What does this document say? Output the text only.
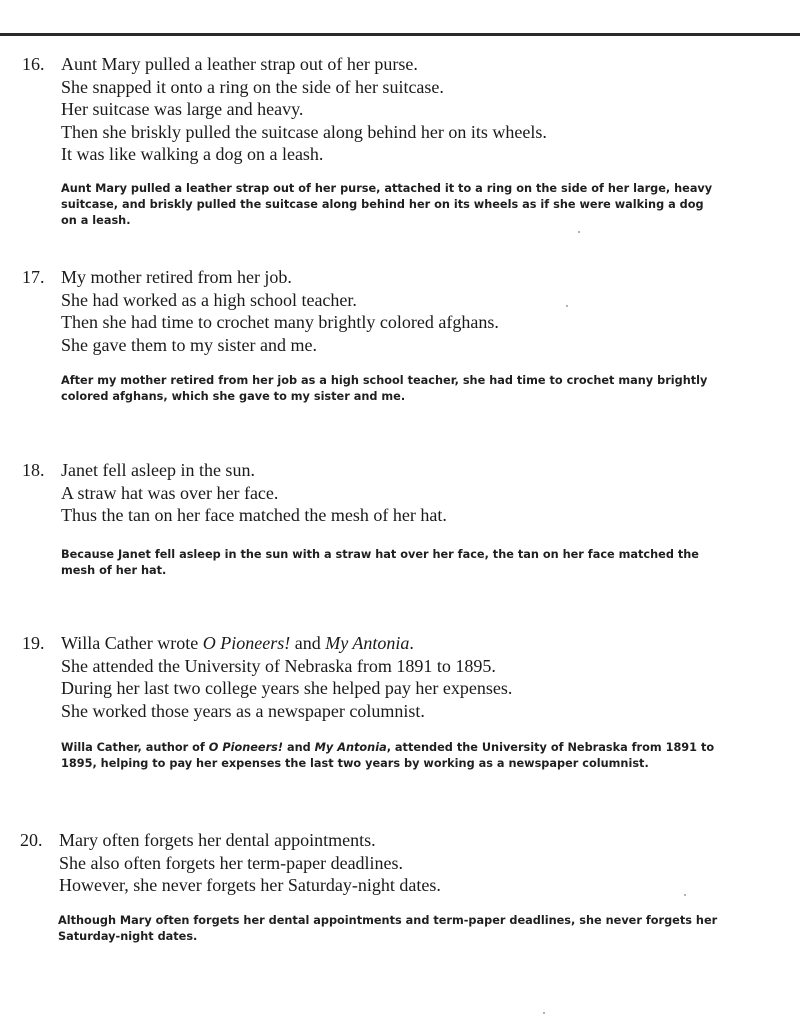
16. Aunt Mary pulled a leather strap out of her purse.
She snapped it onto a ring on the side of her suitcase.
Her suitcase was large and heavy.
Then she briskly pulled the suitcase along behind her on its wheels.
It was like walking a dog on a leash.
Aunt Mary pulled a leather strap out of her purse, attached it to a ring on the side of her large, heavy suitcase, and briskly pulled the suitcase along behind her on its wheels as if she were walking a dog on a leash.
17. My mother retired from her job.
She had worked as a high school teacher.
Then she had time to crochet many brightly colored afghans.
She gave them to my sister and me.
After my mother retired from her job as a high school teacher, she had time to crochet many brightly colored afghans, which she gave to my sister and me.
18. Janet fell asleep in the sun.
A straw hat was over her face.
Thus the tan on her face matched the mesh of her hat.
Because Janet fell asleep in the sun with a straw hat over her face, the tan on her face matched the mesh of her hat.
19. Willa Cather wrote O Pioneers! and My Antonia.
She attended the University of Nebraska from 1891 to 1895.
During her last two college years she helped pay her expenses.
She worked those years as a newspaper columnist.
Willa Cather, author of O Pioneers! and My Antonia, attended the University of Nebraska from 1891 to 1895, helping to pay her expenses the last two years by working as a newspaper columnist.
20. Mary often forgets her dental appointments.
She also often forgets her term-paper deadlines.
However, she never forgets her Saturday-night dates.
Although Mary often forgets her dental appointments and term-paper deadlines, she never forgets her Saturday-night dates.
